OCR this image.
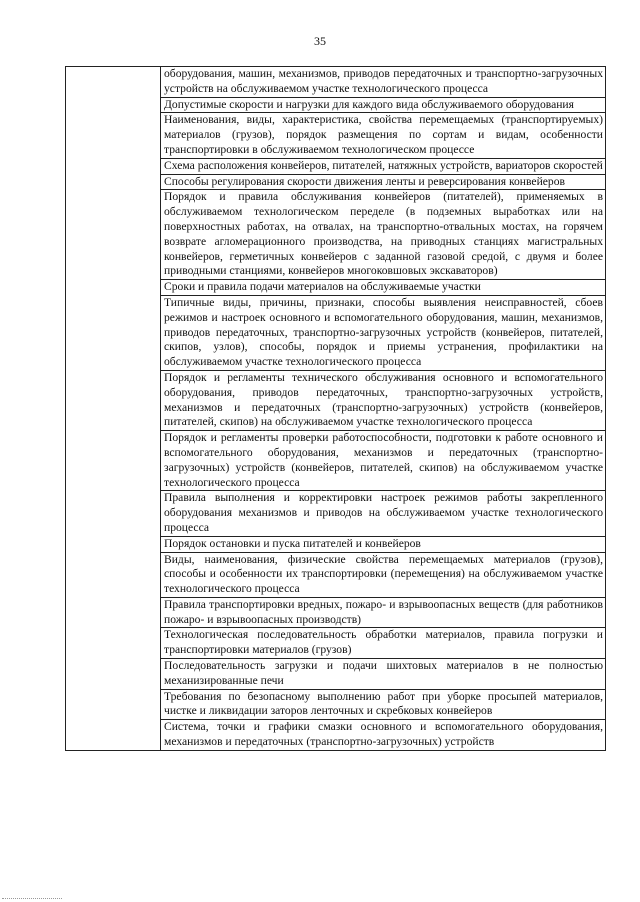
35

оборудования, машин, механизмов, приводов передаточных и транспортно-загрузочных устройств на обслуживаемом участке технологического процесса

Допустимые скорости и нагрузки для каждого вида обслуживаемого оборудования

Наименования, виды, характеристика, свойства перемещаемых (транспортируемых) материалов (грузов), порядок размещения по сортам и видам, особенности транспортировки в обслуживаемом технологическом процессе

Схема расположения конвейеров, питателей, натяжных устройств, вариаторов скоростей

Способы регулирования скорости движения ленты и реверсирования конвейеров

Порядок и правила обслуживания конвейеров (питателей), применяемых в обслуживаемом технологическом переделе (в подземных выработках или на поверхностных работах, на отвалах, на транспортно-отвальных мостах, на горячем возврате агломерационного производства, на приводных станциях магистральных конвейеров, герметичных конвейеров с заданной газовой средой, с двумя и более приводными станциями, конвейеров многоковшовых экскаваторов)

Сроки и правила подачи материалов на обслуживаемые участки

Типичные виды, причины, признаки, способы выявления неисправностей, сбоев режимов и настроек основного и вспомогательного оборудования, машин, механизмов, приводов передаточных, транспортно-загрузочных устройств (конвейеров, питателей, скипов, узлов), способы, порядок и приемы устранения, профилактики на обслуживаемом участке технологического процесса

Порядок и регламенты технического обслуживания основного и вспомогательного оборудования, приводов передаточных, транспортно-загрузочных устройств, механизмов и передаточных (транспортно-загрузочных) устройств (конвейеров, питателей, скипов) на обслуживаемом участке технологического процесса

Порядок и регламенты проверки работоспособности, подготовки к работе основного и вспомогательного оборудования, механизмов и передаточных (транспортно-загрузочных) устройств (конвейеров, питателей, скипов) на обслуживаемом участке технологического процесса

Правила выполнения и корректировки настроек режимов работы закрепленного оборудования механизмов и приводов на обслуживаемом участке технологического процесса

Порядок остановки и пуска питателей и конвейеров

Виды, наименования, физические свойства перемещаемых материалов (грузов), способы и особенности их транспортировки (перемещения) на обслуживаемом участке технологического процесса

Правила транспортировки вредных, пожаро- и взрывоопасных веществ (для работников пожаро- и взрывоопасных производств)

Технологическая последовательность обработки материалов, правила погрузки и транспортировки материалов (грузов)

Последовательность загрузки и подачи шихтовых материалов в не полностью механизированные печи

Требования по безопасному выполнению работ при уборке просыпей материалов, чистке и ликвидации заторов ленточных и скребковых конвейеров

Система, точки и графики смазки основного и вспомогательного оборудования, механизмов и передаточных (транспортно-загрузочных) устройств
